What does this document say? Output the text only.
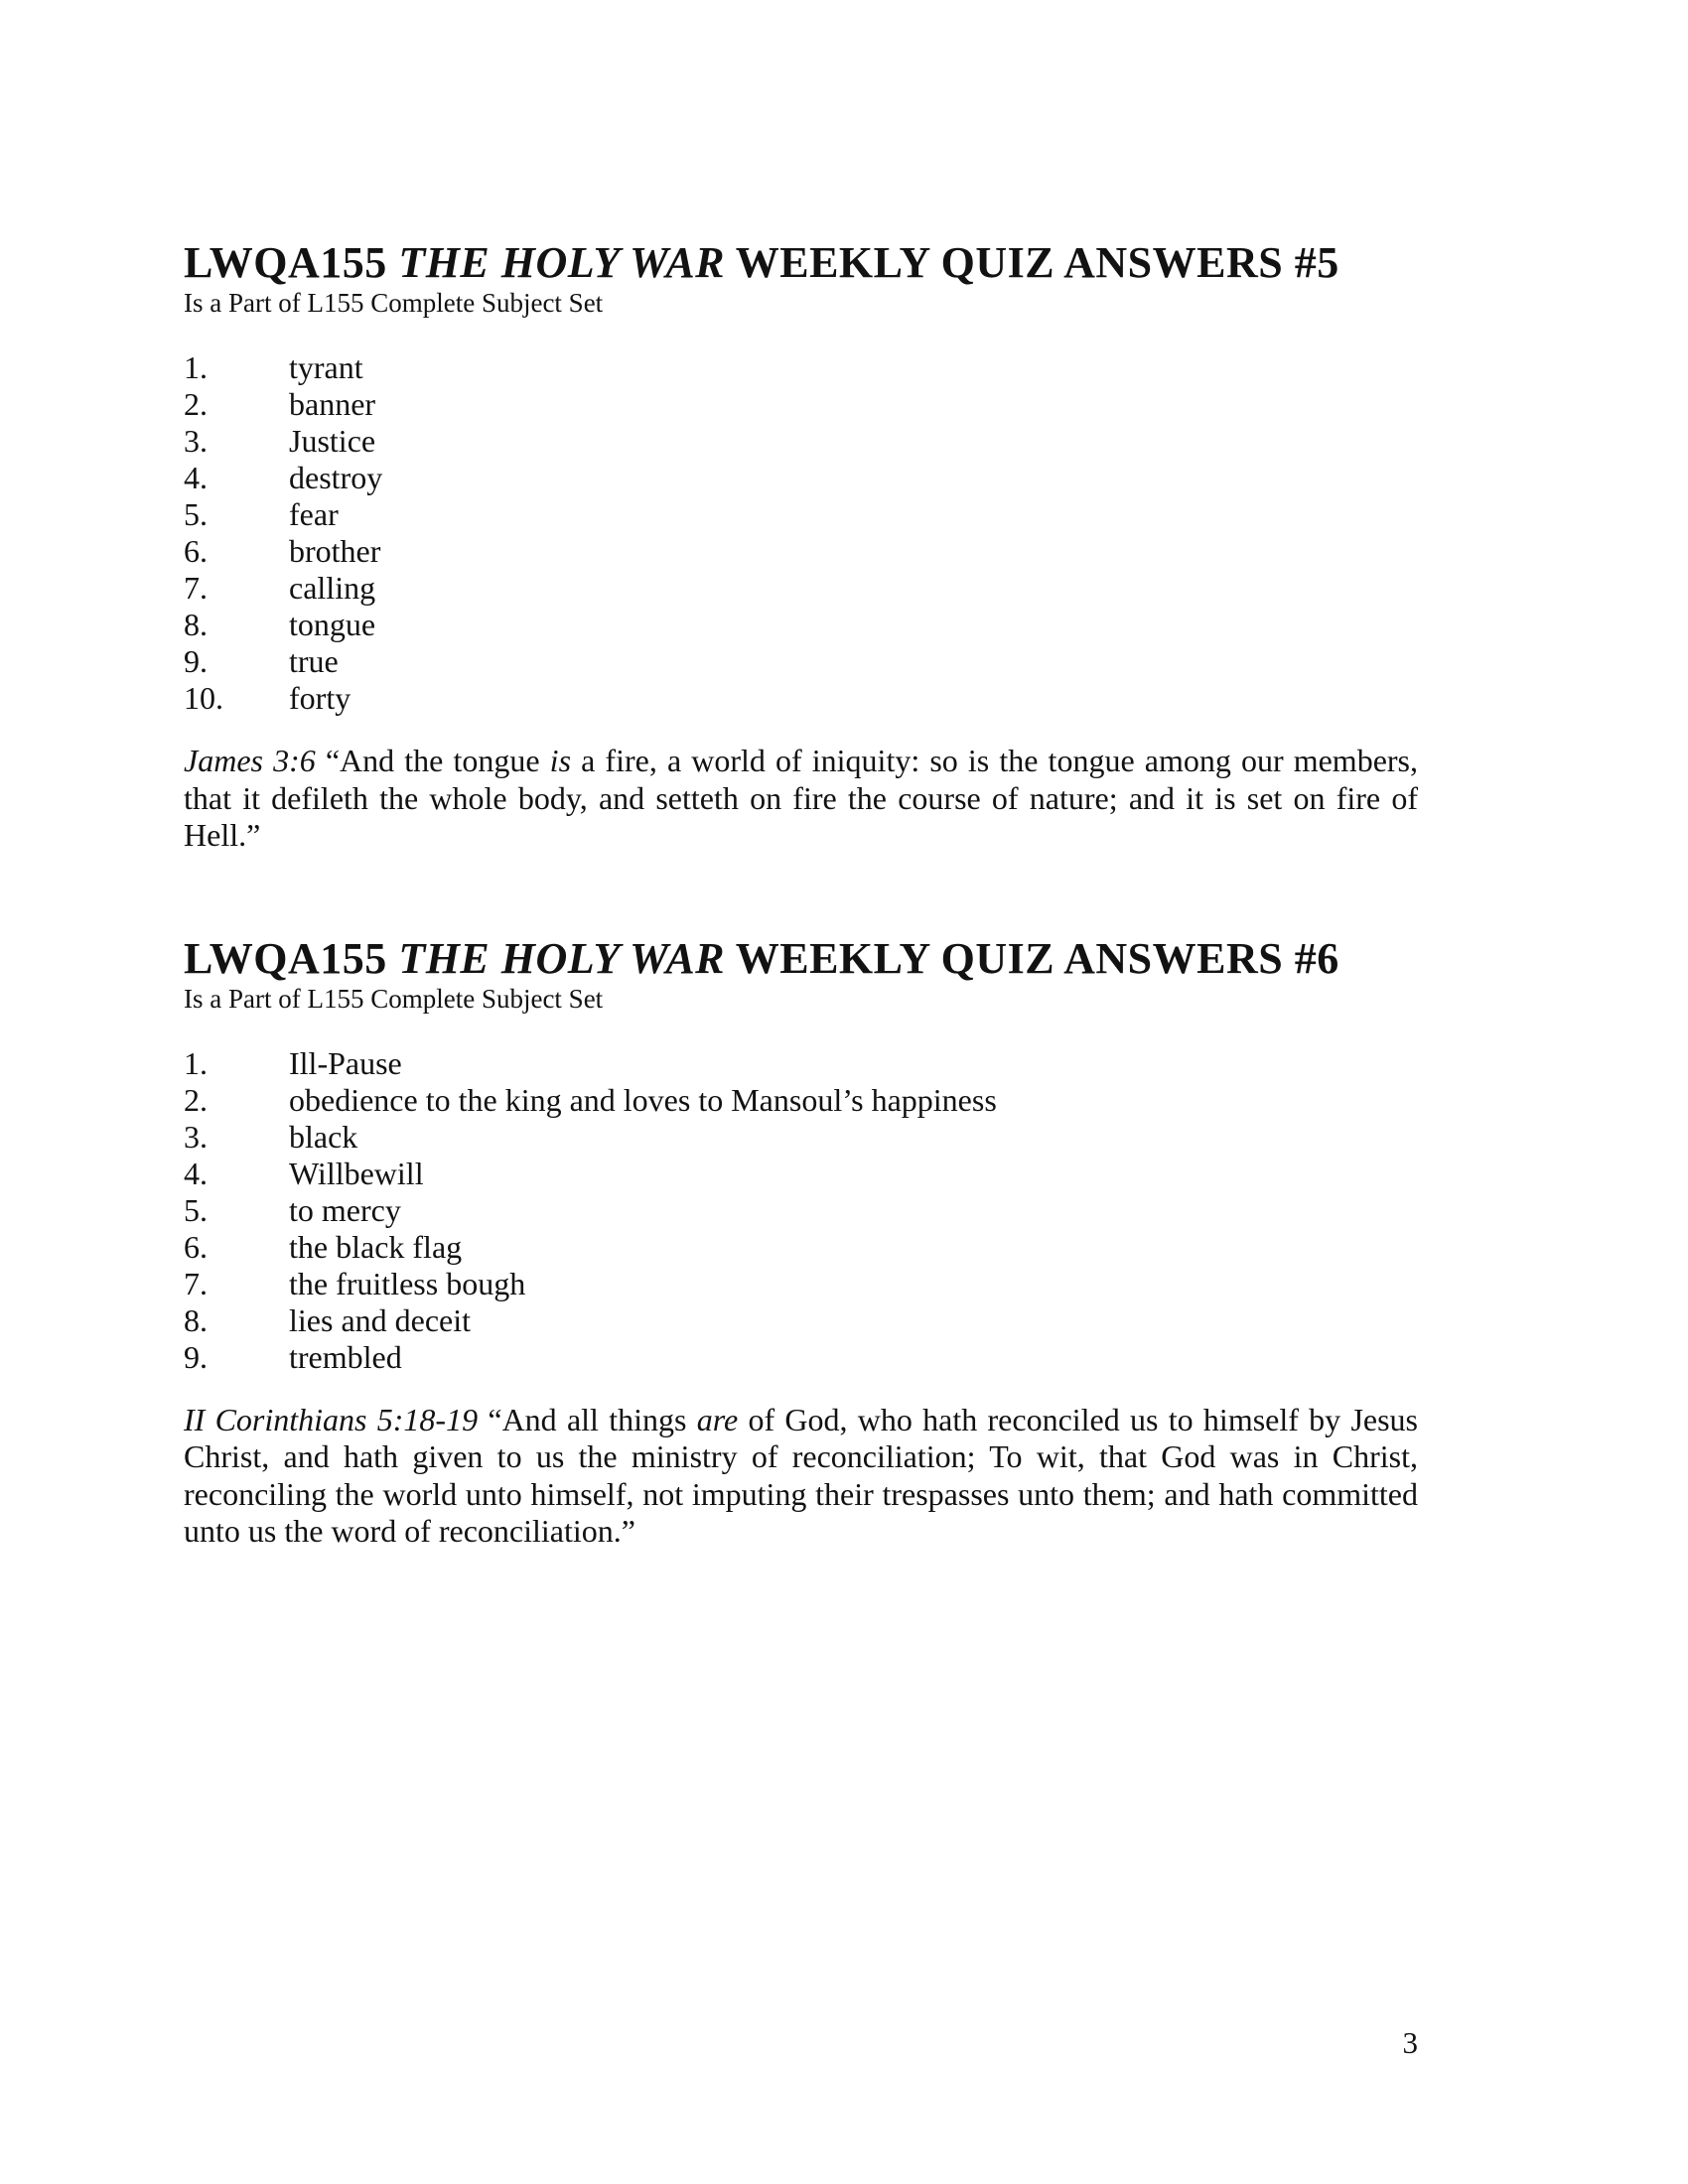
LWQA155 THE HOLY WAR WEEKLY QUIZ ANSWERS #5

Is a Part of L155 Complete Subject Set

1.	tyrant
2.	banner
3.	Justice
4.	destroy
5.	fear
6.	brother
7.	calling
8.	tongue
9.	true
10.	forty

James 3:6 “And the tongue is a fire, a world of iniquity: so is the tongue among our members, that it defileth the whole body, and setteth on fire the course of nature; and it is set on fire of Hell.”

LWQA155 THE HOLY WAR WEEKLY QUIZ ANSWERS #6

Is a Part of L155 Complete Subject Set

1.	Ill-Pause
2.	obedience to the king and loves to Mansoul’s happiness
3.	black
4.	Willbewill
5.	to mercy
6.	the black flag
7.	the fruitless bough
8.	lies and deceit
9.	trembled

II Corinthians 5:18-19 “And all things are of God, who hath reconciled us to himself by Jesus Christ, and hath given to us the ministry of reconciliation; To wit, that God was in Christ, reconciling the world unto himself, not imputing their trespasses unto them; and hath committed unto us the word of reconciliation.”

3
